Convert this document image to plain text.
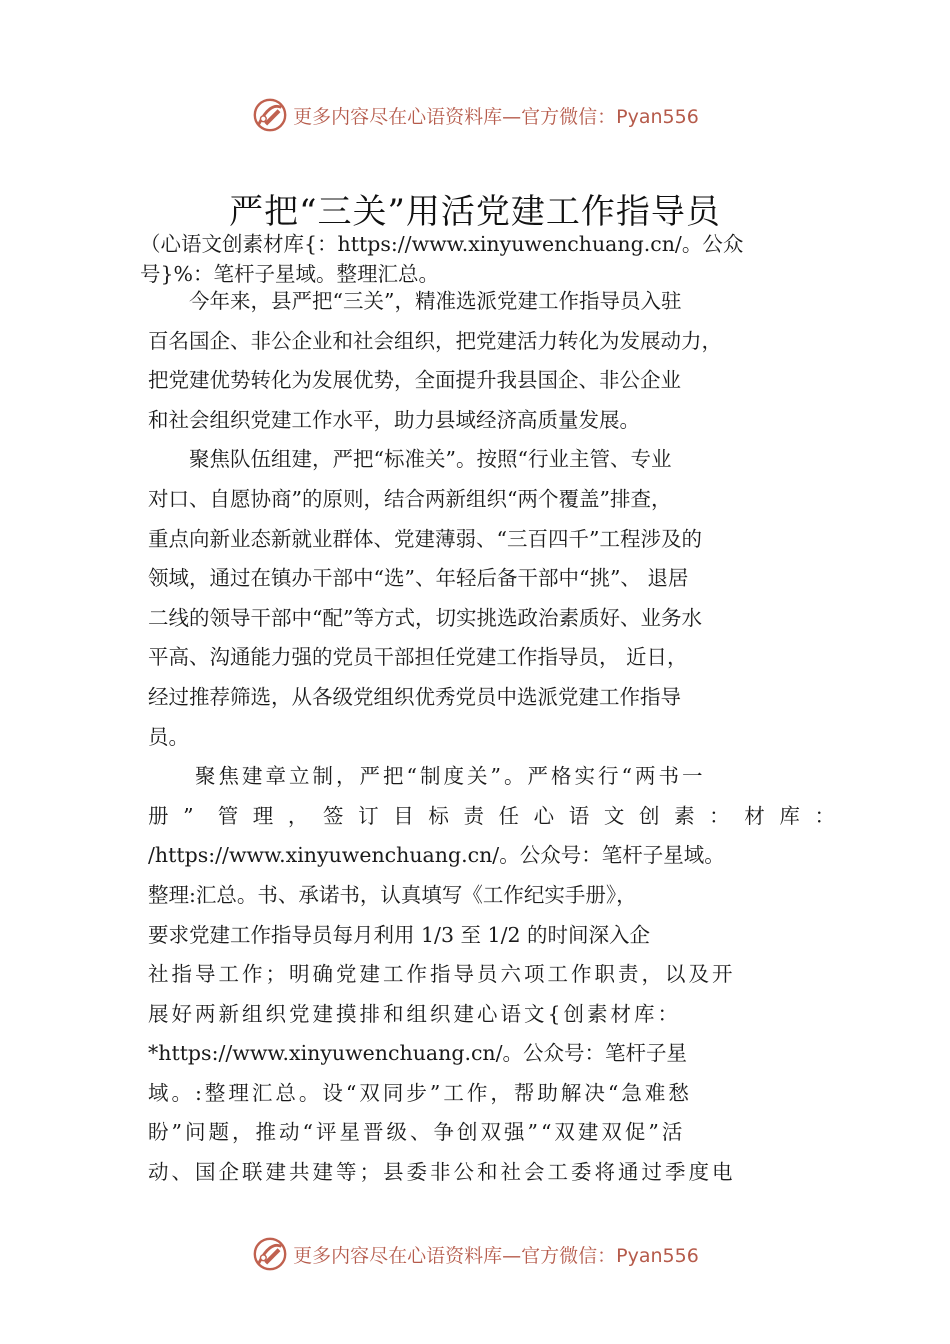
更多内容尽在心语资料库—官方微信：Pyan556
严把“三关”用活党建工作指导员
（心语文创素材库{：https://www.xinyuwenchuang.cn/。公众
号}%：笔杆子星域。整理汇总。
　　今年来，县严把“三关”，精准选派党建工作指导员入驻
百名国企、非公企业和社会组织，把党建活力转化为发展动力，
把党建优势转化为发展优势，全面提升我县国企、非公企业
和社会组织党建工作水平，助力县域经济高质量发展。
　　聚焦队伍组建，严把“标准关”。按照“行业主管、专业
对口、自愿协商”的原则，结合两新组织“两个覆盖”排查，
重点向新业态新就业群体、党建薄弱、“三百四千”工程涉及的
领域，通过在镇办干部中“选”、年轻后备干部中“挑”、 退居
二线的领导干部中“配”等方式，切实挑选政治素质好、业务水
平高、沟通能力强的党员干部担任党建工作指导员， 近日，
经过推荐筛选，从各级党组织优秀党员中选派党建工作指导
员。
　　聚焦建章立制，严把“制度关”。严格实行“两书一
册” 管理，签订目标责任心语文创素：材库：
/https://www.xinyuwenchuang.cn/。公众号：笔杆子星域。
整理:汇总。书、承诺书，认真填写《工作纪实手册》，
要求党建工作指导员每月利用 1/3 至 1/2 的时间深入企
社指导工作；明确党建工作指导员六项工作职责，以及开
展好两新组织党建摸排和组织建心语文{创素材库：
*https://www.xinyuwenchuang.cn/。公众号：笔杆子星
域。:整理汇总。设“双同步”工作，帮助解决“急难愁
盼”问题，推动“评星晋级、争创双强”“双建双促”活
动、国企联建共建等；县委非公和社会工委将通过季度电
更多内容尽在心语资料库—官方微信：Pyan556
